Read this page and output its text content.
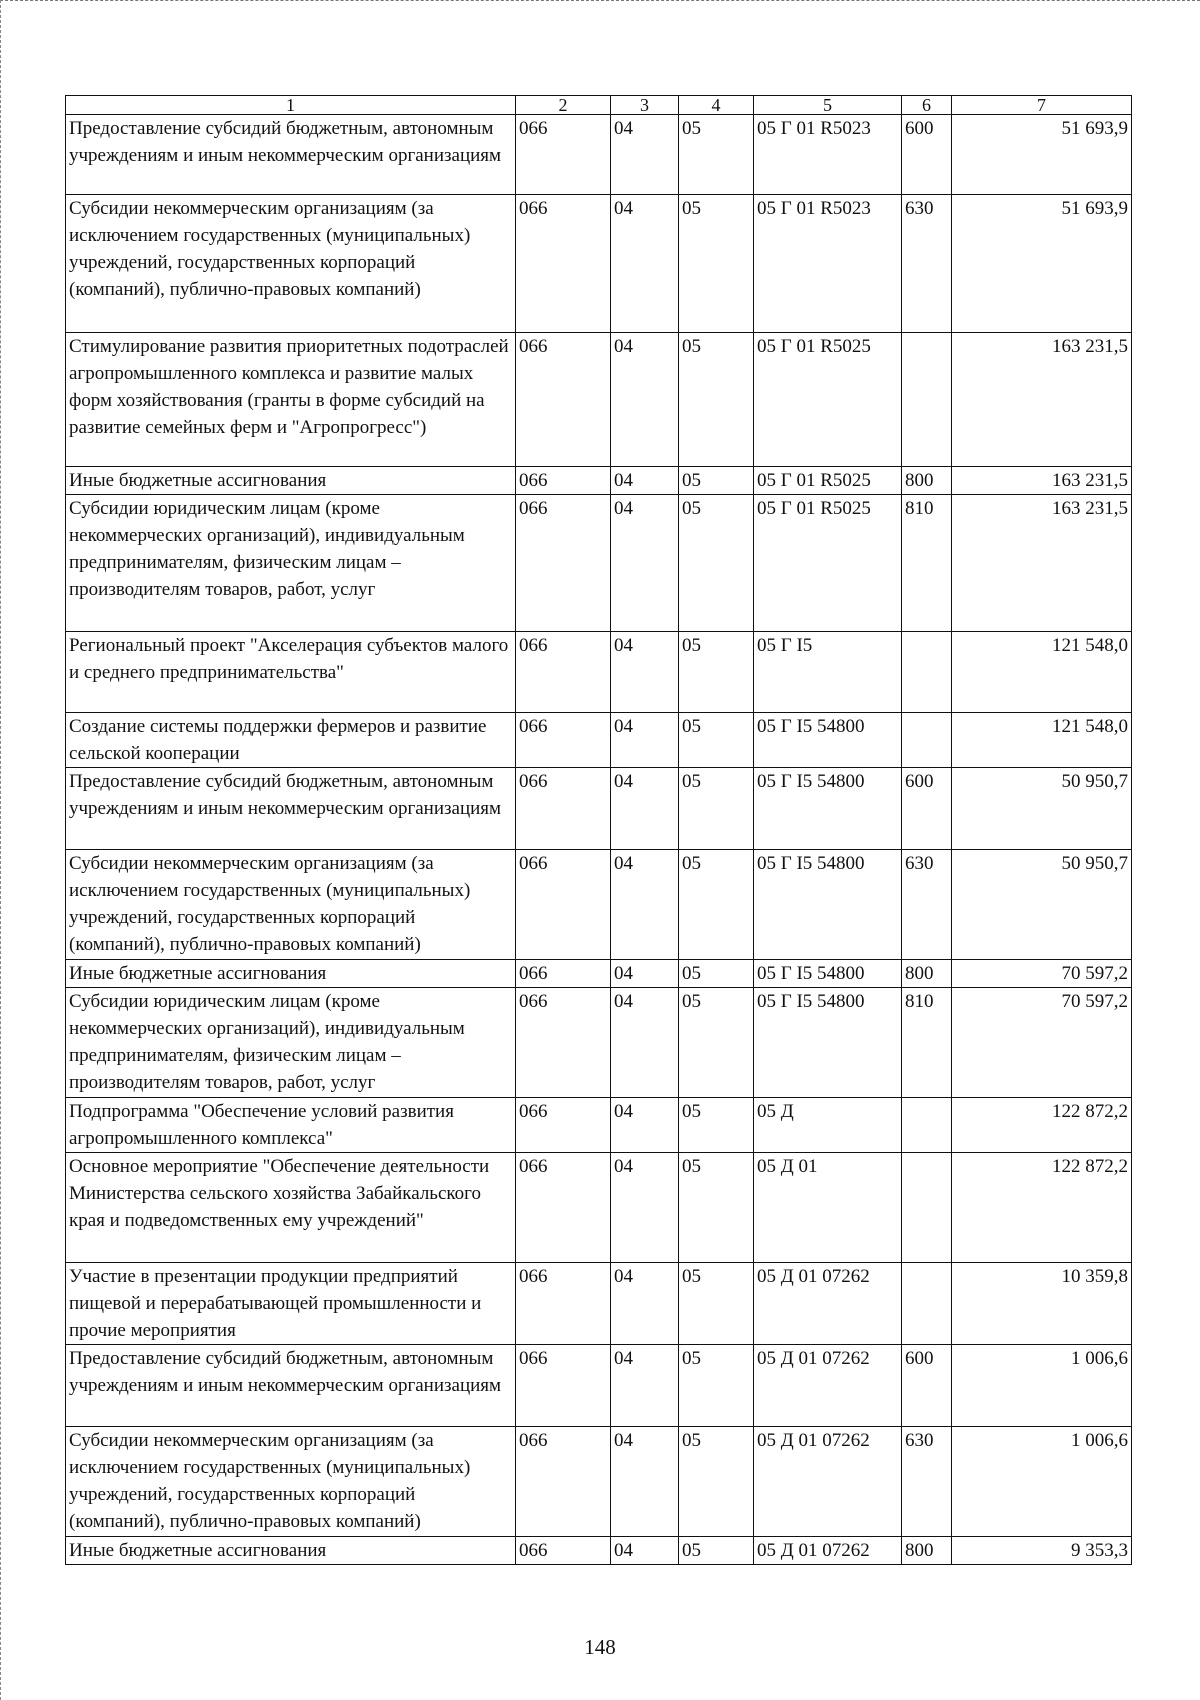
1	2	3	4	5	6	7
Предоставление субсидий бюджетным, автономным учреждениям и иным некоммерческим организациям	066	04	05	05 Г 01 R5023	600	51 693,9
Субсидии некоммерческим организациям (за исключением государственных (муниципальных) учреждений, государственных корпораций (компаний), публично-правовых компаний)	066	04	05	05 Г 01 R5023	630	51 693,9
Стимулирование развития приоритетных подотраслей агропромышленного комплекса и развитие малых форм хозяйствования (гранты в форме субсидий на развитие семейных ферм и "Агропрогресс")	066	04	05	05 Г 01 R5025		163 231,5
Иные бюджетные ассигнования	066	04	05	05 Г 01 R5025	800	163 231,5
Субсидии юридическим лицам (кроме некоммерческих организаций), индивидуальным предпринимателям, физическим лицам – производителям товаров, работ, услуг	066	04	05	05 Г 01 R5025	810	163 231,5
Региональный проект "Акселерация субъектов малого и среднего предпринимательства"	066	04	05	05 Г I5		121 548,0
Создание системы поддержки фермеров и развитие сельской кооперации	066	04	05	05 Г I5 54800		121 548,0
Предоставление субсидий бюджетным, автономным учреждениям и иным некоммерческим организациям	066	04	05	05 Г I5 54800	600	50 950,7
Субсидии некоммерческим организациям (за исключением государственных (муниципальных) учреждений, государственных корпораций (компаний), публично-правовых компаний)	066	04	05	05 Г I5 54800	630	50 950,7
Иные бюджетные ассигнования	066	04	05	05 Г I5 54800	800	70 597,2
Субсидии юридическим лицам (кроме некоммерческих организаций), индивидуальным предпринимателям, физическим лицам – производителям товаров, работ, услуг	066	04	05	05 Г I5 54800	810	70 597,2
Подпрограмма "Обеспечение условий развития агропромышленного комплекса"	066	04	05	05 Д		122 872,2
Основное мероприятие "Обеспечение деятельности Министерства сельского хозяйства Забайкальского края и подведомственных ему учреждений"	066	04	05	05 Д 01		122 872,2
Участие в презентации продукции предприятий пищевой и перерабатывающей промышленности и прочие мероприятия	066	04	05	05 Д 01 07262		10 359,8
Предоставление субсидий бюджетным, автономным учреждениям и иным некоммерческим организациям	066	04	05	05 Д 01 07262	600	1 006,6
Субсидии некоммерческим организациям (за исключением государственных (муниципальных) учреждений, государственных корпораций (компаний), публично-правовых компаний)	066	04	05	05 Д 01 07262	630	1 006,6
Иные бюджетные ассигнования	066	04	05	05 Д 01 07262	800	9 353,3
148
